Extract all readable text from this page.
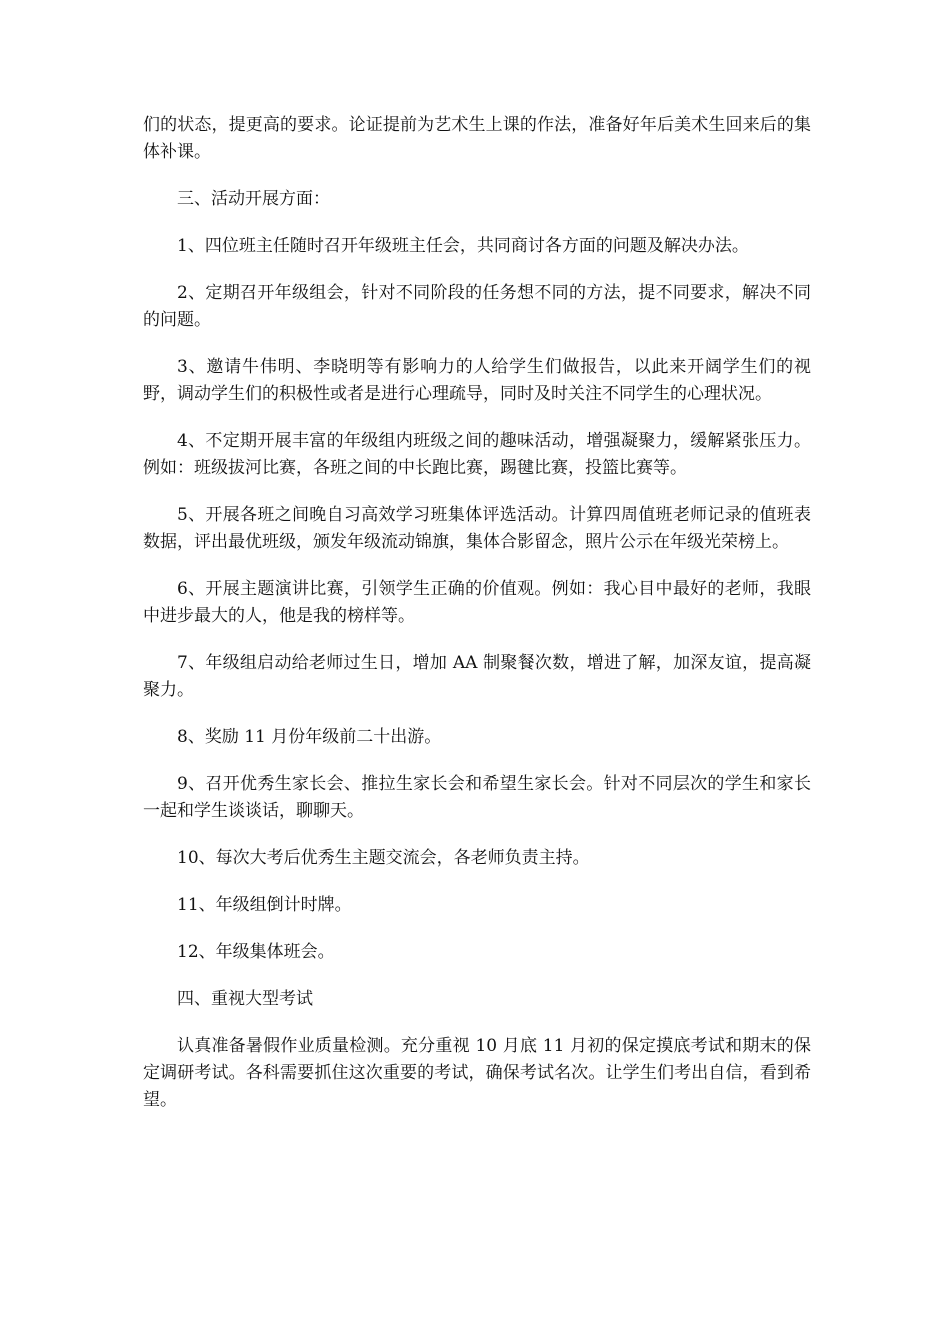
们的状态，提更高的要求。论证提前为艺术生上课的作法，准备好年后美术生回来后的集体补课。

三、活动开展方面：

1、四位班主任随时召开年级班主任会，共同商讨各方面的问题及解决办法。

2、定期召开年级组会，针对不同阶段的任务想不同的方法，提不同要求，解决不同的问题。

3、邀请牛伟明、李晓明等有影响力的人给学生们做报告，以此来开阔学生们的视野，调动学生们的积极性或者是进行心理疏导，同时及时关注不同学生的心理状况。

4、不定期开展丰富的年级组内班级之间的趣味活动，增强凝聚力，缓解紧张压力。例如：班级拔河比赛，各班之间的中长跑比赛，踢毽比赛，投篮比赛等。

5、开展各班之间晚自习高效学习班集体评选活动。计算四周值班老师记录的值班表数据，评出最优班级，颁发年级流动锦旗，集体合影留念，照片公示在年级光荣榜上。

6、开展主题演讲比赛，引领学生正确的价值观。例如：我心目中最好的老师，我眼中进步最大的人，他是我的榜样等。

7、年级组启动给老师过生日，增加 AA 制聚餐次数，增进了解，加深友谊，提高凝聚力。

8、奖励 11 月份年级前二十出游。

9、召开优秀生家长会、推拉生家长会和希望生家长会。针对不同层次的学生和家长一起和学生谈谈话，聊聊天。

10、每次大考后优秀生主题交流会，各老师负责主持。

11、年级组倒计时牌。

12、年级集体班会。

四、重视大型考试

认真准备暑假作业质量检测。充分重视 10 月底 11 月初的保定摸底考试和期末的保定调研考试。各科需要抓住这次重要的考试，确保考试名次。让学生们考出自信，看到希望。
